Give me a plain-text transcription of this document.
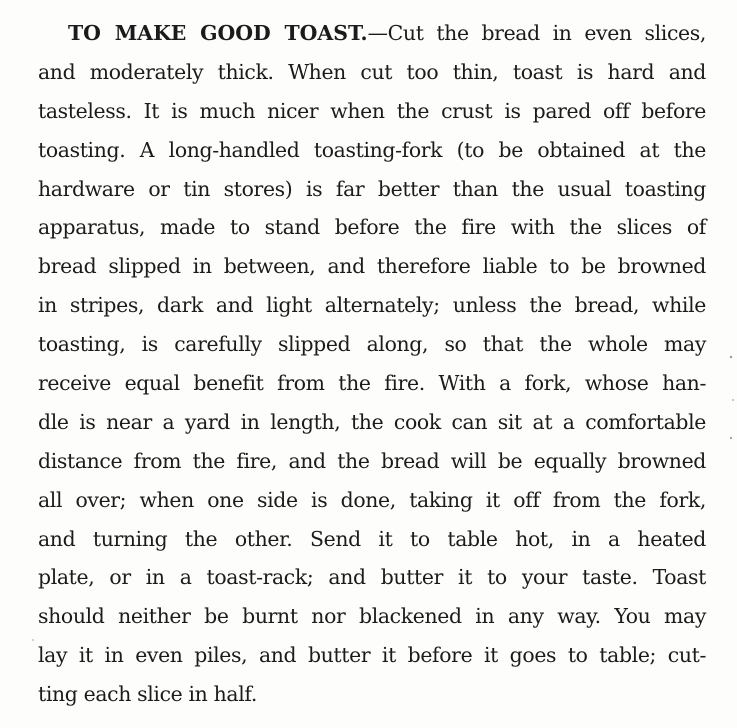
TO MAKE GOOD TOAST.—Cut the bread in even slices,
and moderately thick. When cut too thin, toast is hard and
tasteless. It is much nicer when the crust is pared off before
toasting. A long-handled toasting-fork (to be obtained at the
hardware or tin stores) is far better than the usual toasting
apparatus, made to stand before the fire with the slices of
bread slipped in between, and therefore liable to be browned
in stripes, dark and light alternately; unless the bread, while
toasting, is carefully slipped along, so that the whole may
receive equal benefit from the fire. With a fork, whose han-
dle is near a yard in length, the cook can sit at a comfortable
distance from the fire, and the bread will be equally browned
all over; when one side is done, taking it off from the fork,
and turning the other. Send it to table hot, in a heated
plate, or in a toast-rack; and butter it to your taste. Toast
should neither be burnt nor blackened in any way. You may
lay it in even piles, and butter it before it goes to table; cut-
ting each slice in half.
